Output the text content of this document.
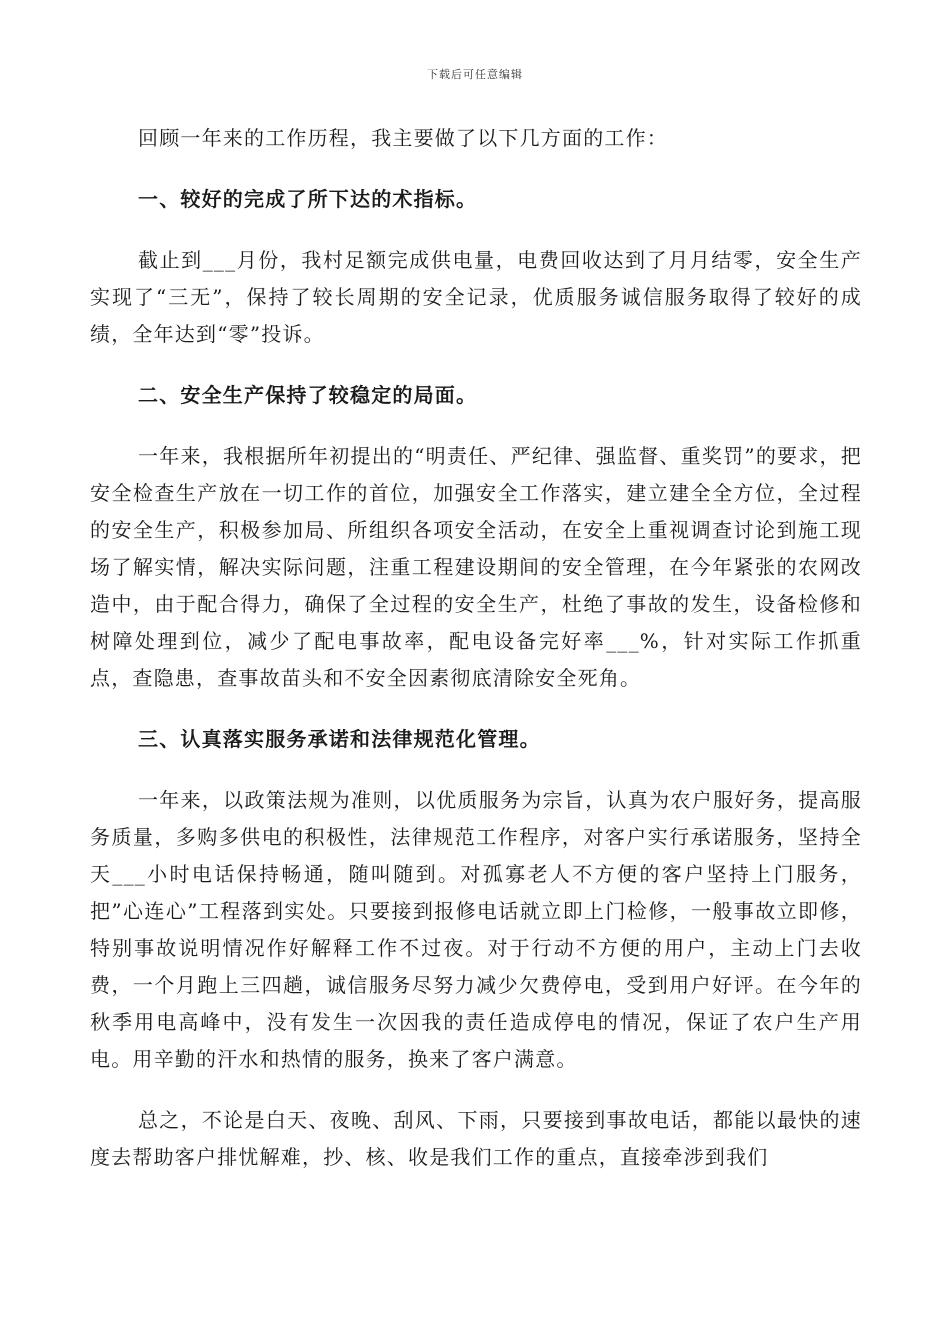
下载后可任意编辑

回顾一年来的工作历程，我主要做了以下几方面的工作：

一、较好的完成了所下达的术指标。

截止到___月份，我村足额完成供电量，电费回收达到了月月结零，安全生产实现了“三无”，保持了较长周期的安全记录，优质服务诚信服务取得了较好的成绩，全年达到“零”投诉。

二、安全生产保持了较稳定的局面。

一年来，我根据所年初提出的“明责任、严纪律、强监督、重奖罚”的要求，把安全检查生产放在一切工作的首位，加强安全工作落实，建立建全全方位，全过程的安全生产，积极参加局、所组织各项安全活动，在安全上重视调查讨论到施工现场了解实情，解决实际问题，注重工程建设期间的安全管理，在今年紧张的农网改造中，由于配合得力，确保了全过程的安全生产，杜绝了事故的发生，设备检修和树障处理到位，减少了配电事故率，配电设备完好率___%，针对实际工作抓重点，查隐患，查事故苗头和不安全因素彻底清除安全死角。

三、认真落实服务承诺和法律规范化管理。

一年来，以政策法规为准则，以优质服务为宗旨，认真为农户服好务，提高服务质量，多购多供电的积极性，法律规范工作程序，对客户实行承诺服务，坚持全天___小时电话保持畅通，随叫随到。对孤寡老人不方便的客户坚持上门服务，把”心连心”工程落到实处。只要接到报修电话就立即上门检修，一般事故立即修，特别事故说明情况作好解释工作不过夜。对于行动不方便的用户，主动上门去收费，一个月跑上三四趟，诚信服务尽努力减少欠费停电，受到用户好评。在今年的秋季用电高峰中，没有发生一次因我的责任造成停电的情况，保证了农户生产用电。用辛勤的汗水和热情的服务，换来了客户满意。

总之，不论是白天、夜晚、刮风、下雨，只要接到事故电话，都能以最快的速度去帮助客户排忧解难，抄、核、收是我们工作的重点，直接牵涉到我们
